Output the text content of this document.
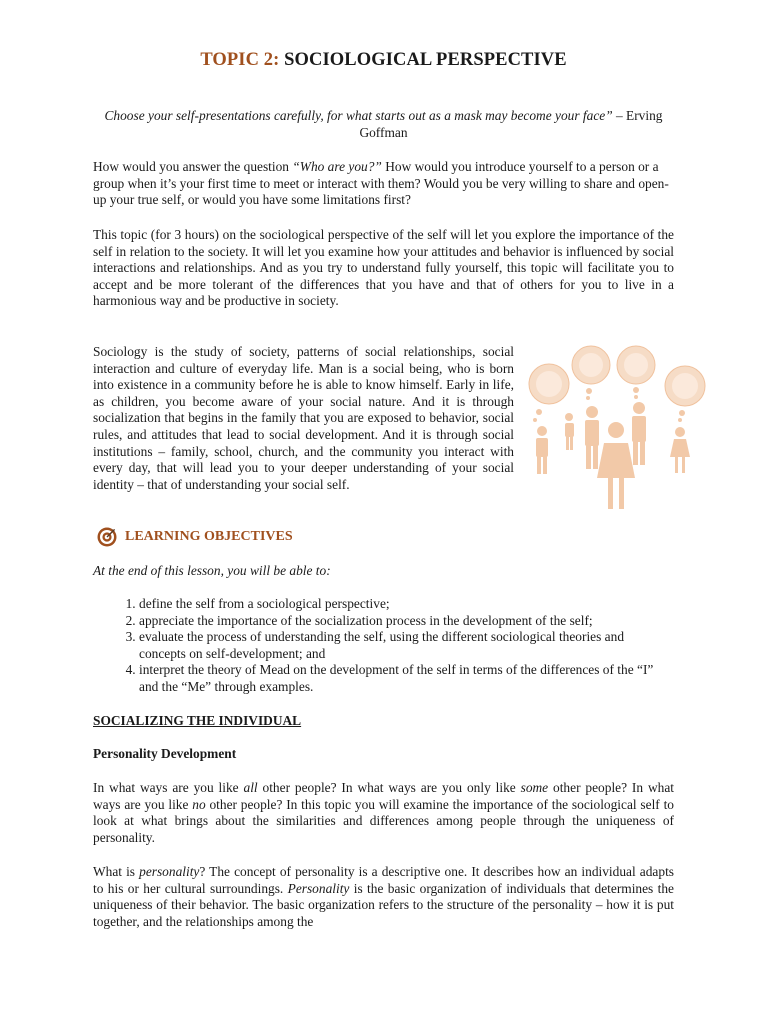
TOPIC 2: SOCIOLOGICAL PERSPECTIVE
Choose your self-presentations carefully, for what starts out as a mask may become your face” – Erving Goffman
How would you answer the question “Who are you?” How would you introduce yourself to a person or a group when it’s your first time to meet or interact with them? Would you be very willing to share and open-up your true self, or would you have some limitations first?
This topic (for 3 hours) on the sociological perspective of the self will let you explore the importance of the self in relation to the society. It will let you examine how your attitudes and behavior is influenced by social interactions and relationships. And as you try to understand fully yourself, this topic will facilitate you to accept and be more tolerant of the differences that you have and that of others for you to live in a harmonious way and be productive in society.
Sociology is the study of society, patterns of social relationships, social interaction and culture of everyday life. Man is a social being, who is born into existence in a community before he is able to know himself. Early in life, as children, you become aware of your social nature. And it is through socialization that begins in the family that you are exposed to behavior, social rules, and attitudes that lead to social development. And it is through social institutions – family, school, church, and the community you interact with every day, that will lead you to your deeper understanding of your social identity – that of understanding your social self.
LEARNING OBJECTIVES
At the end of this lesson, you will be able to:
1. define the self from a sociological perspective;
2. appreciate the importance of the socialization process in the development of the self;
3. evaluate the process of understanding the self, using the different sociological theories and concepts on self-development; and
4. interpret the theory of Mead on the development of the self in terms of the differences of the “I” and the “Me” through examples.
SOCIALIZING THE INDIVIDUAL
Personality Development
In what ways are you like all other people? In what ways are you only like some other people? In what ways are you like no other people? In this topic you will examine the importance of the sociological self to look at what brings about the similarities and differences among people through the uniqueness of personality.
What is personality? The concept of personality is a descriptive one. It describes how an individual adapts to his or her cultural surroundings. Personality is the basic organization of individuals that determines the uniqueness of their behavior. The basic organization refers to the structure of the personality – how it is put together, and the relationships among the
